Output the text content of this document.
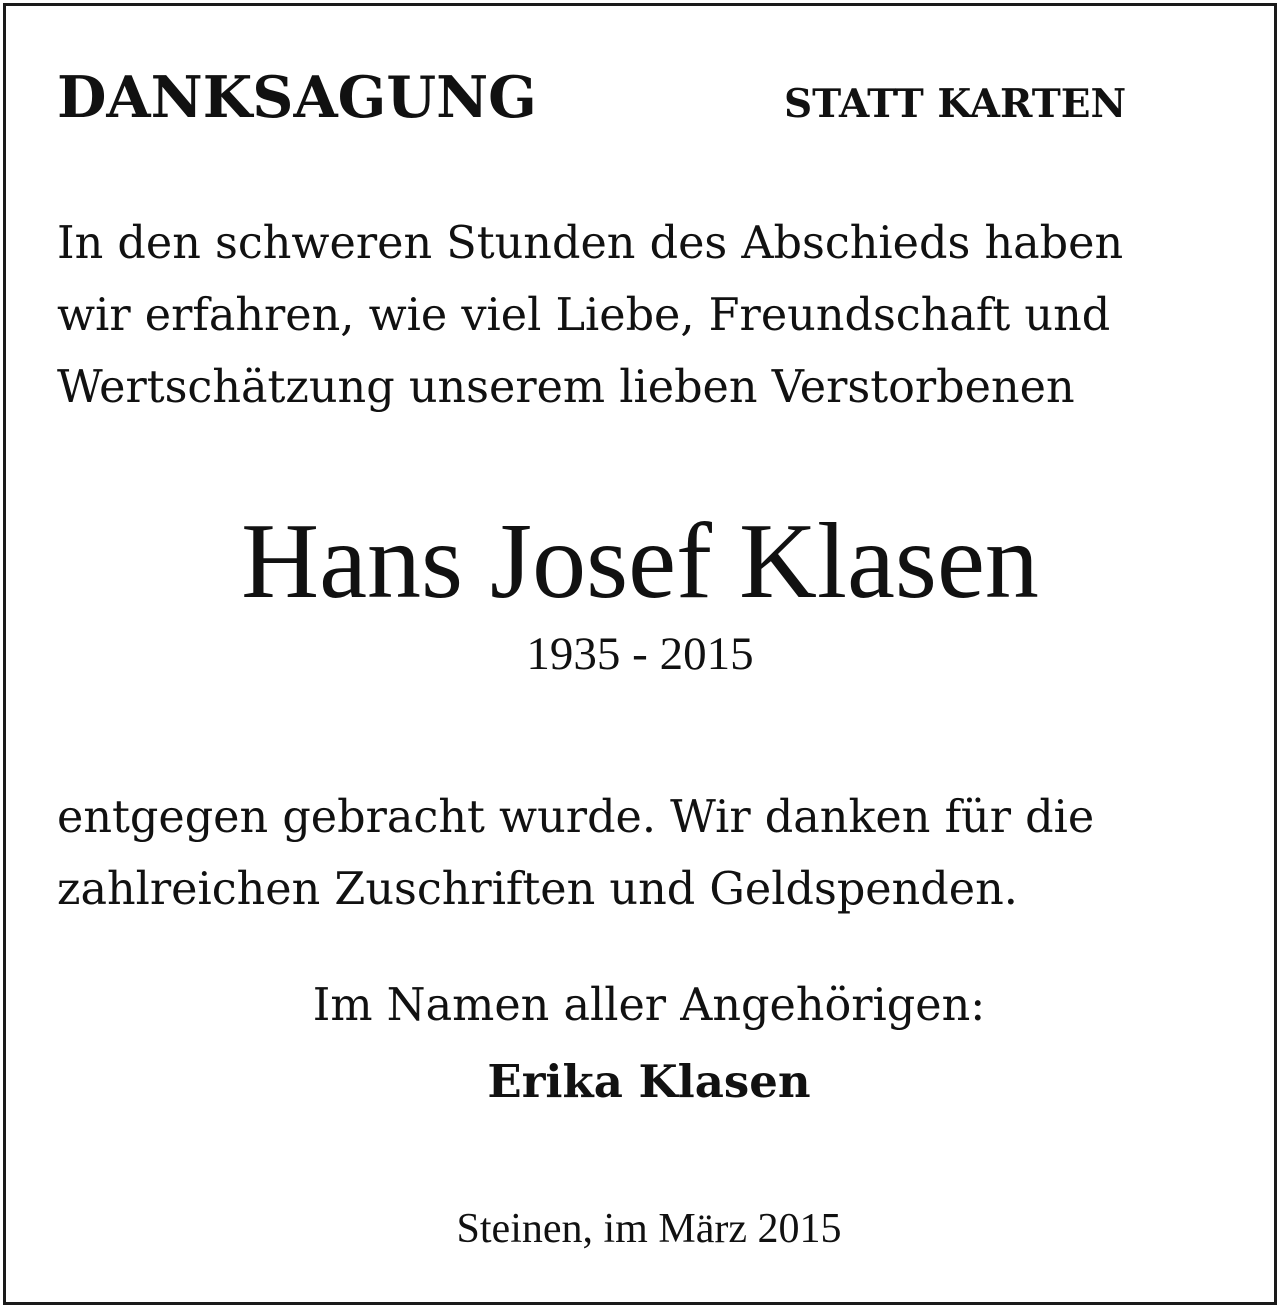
DANKSAGUNG	STATT KARTEN
In den schweren Stunden des Abschieds haben
wir erfahren, wie viel Liebe, Freundschaft und
Wertschätzung unserem lieben Verstorbenen
Hans Josef Klasen
1935 - 2015
entgegen gebracht wurde. Wir danken für die
zahlreichen Zuschriften und Geldspenden.
Im Namen aller Angehörigen:
Erika Klasen
Steinen, im März 2015
